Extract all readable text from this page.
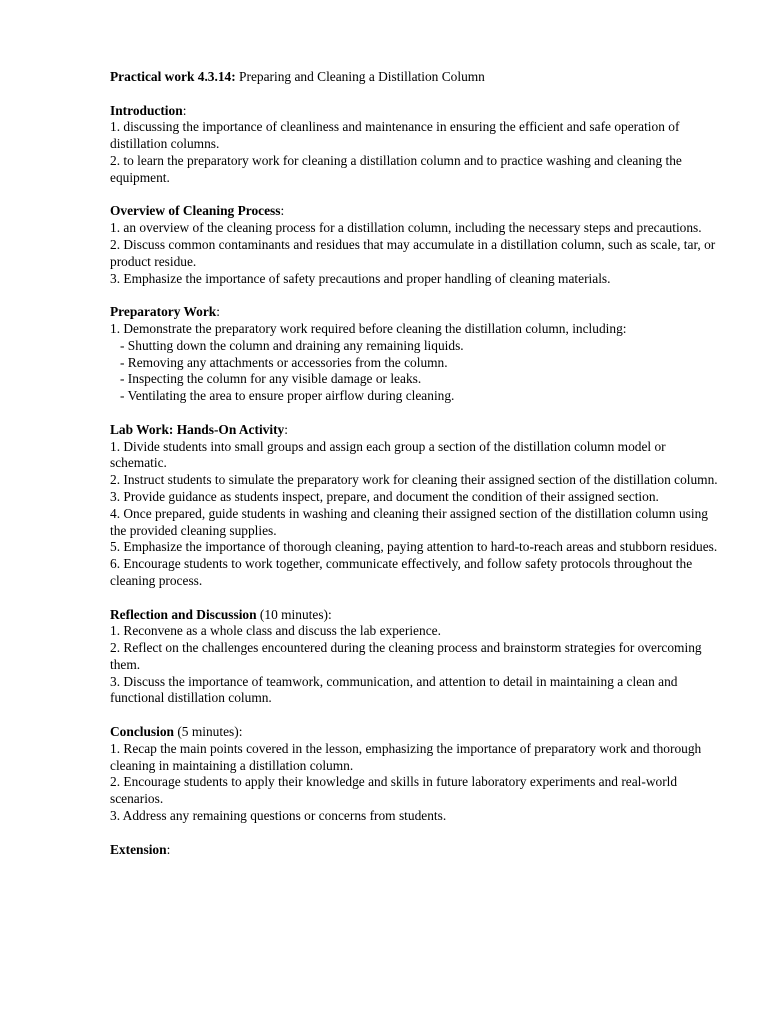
Practical work 4.3.14: Preparing and Cleaning a Distillation Column

Introduction:

1. discussing the importance of cleanliness and maintenance in ensuring the efficient and safe operation of distillation columns.

2. to learn the preparatory work for cleaning a distillation column and to practice washing and cleaning the equipment.

Overview of Cleaning Process:

1. an overview of the cleaning process for a distillation column, including the necessary steps and precautions.

2. Discuss common contaminants and residues that may accumulate in a distillation column, such as scale, tar, or product residue.

3. Emphasize the importance of safety precautions and proper handling of cleaning materials.

Preparatory Work:

1. Demonstrate the preparatory work required before cleaning the distillation column, including:

- Shutting down the column and draining any remaining liquids.

- Removing any attachments or accessories from the column.

- Inspecting the column for any visible damage or leaks.

- Ventilating the area to ensure proper airflow during cleaning.

Lab Work: Hands-On Activity:

1. Divide students into small groups and assign each group a section of the distillation column model or schematic.

2. Instruct students to simulate the preparatory work for cleaning their assigned section of the distillation column.

3. Provide guidance as students inspect, prepare, and document the condition of their assigned section.

4. Once prepared, guide students in washing and cleaning their assigned section of the distillation column using the provided cleaning supplies.

5. Emphasize the importance of thorough cleaning, paying attention to hard-to-reach areas and stubborn residues.

6. Encourage students to work together, communicate effectively, and follow safety protocols throughout the cleaning process.

Reflection and Discussion (10 minutes):

1. Reconvene as a whole class and discuss the lab experience.

2. Reflect on the challenges encountered during the cleaning process and brainstorm strategies for overcoming them.

3. Discuss the importance of teamwork, communication, and attention to detail in maintaining a clean and functional distillation column.

Conclusion (5 minutes):

1. Recap the main points covered in the lesson, emphasizing the importance of preparatory work and thorough cleaning in maintaining a distillation column.

2. Encourage students to apply their knowledge and skills in future laboratory experiments and real-world scenarios.

3. Address any remaining questions or concerns from students.

Extension:
